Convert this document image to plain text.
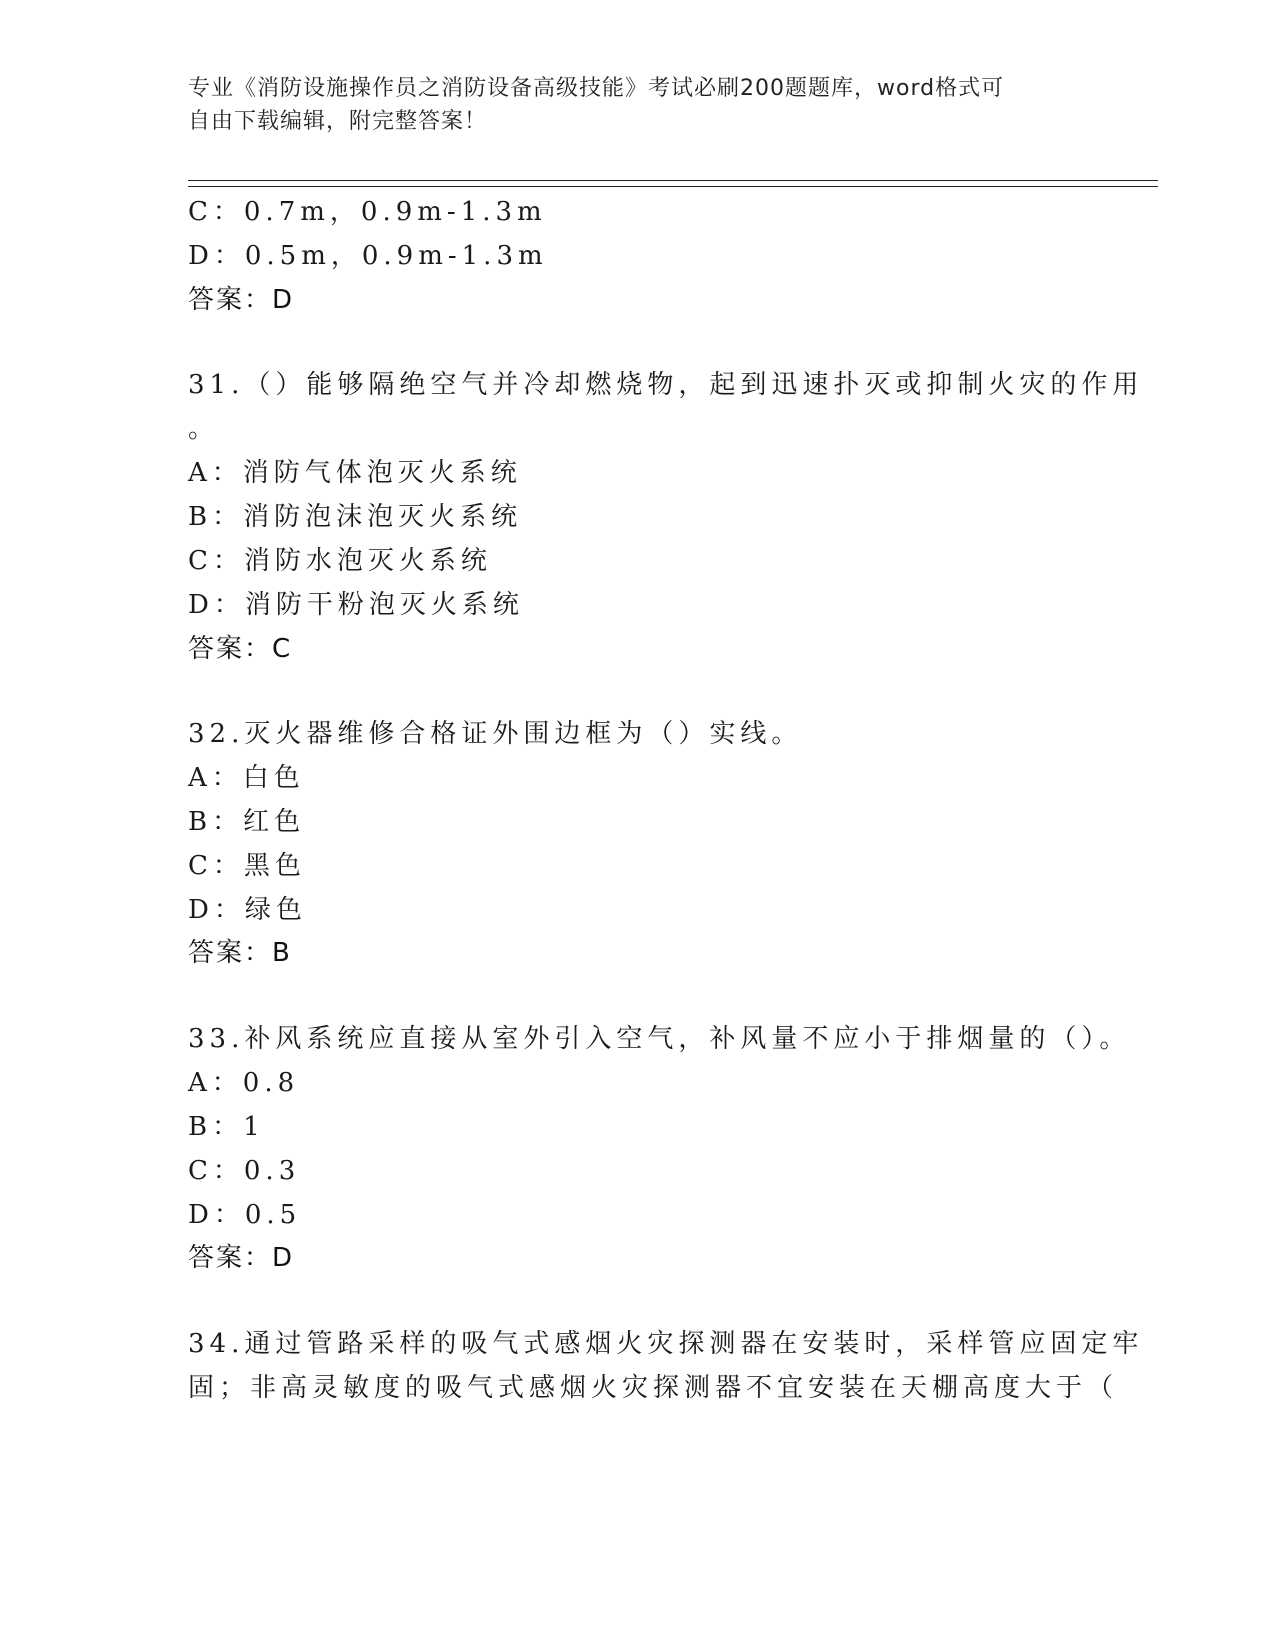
专业《消防设施操作员之消防设备高级技能》考试必刷200题题库，word格式可
自由下载编辑，附完整答案！
C：0.7m，0.9m-1.3m
D：0.5m，0.9m-1.3m
答案：D
31.（）能够隔绝空气并冷却燃烧物，起到迅速扑灭或抑制火灾的作用
。
A：消防气体泡灭火系统
B：消防泡沫泡灭火系统
C：消防水泡灭火系统
D：消防干粉泡灭火系统
答案：C
32.灭火器维修合格证外围边框为（）实线。
A：白色
B：红色
C：黑色
D：绿色
答案：B
33.补风系统应直接从室外引入空气，补风量不应小于排烟量的（）。
A：0.8
B：1
C：0.3
D：0.5
答案：D
34.通过管路采样的吸气式感烟火灾探测器在安装时，采样管应固定牢
固；非高灵敏度的吸气式感烟火灾探测器不宜安装在天棚高度大于（
